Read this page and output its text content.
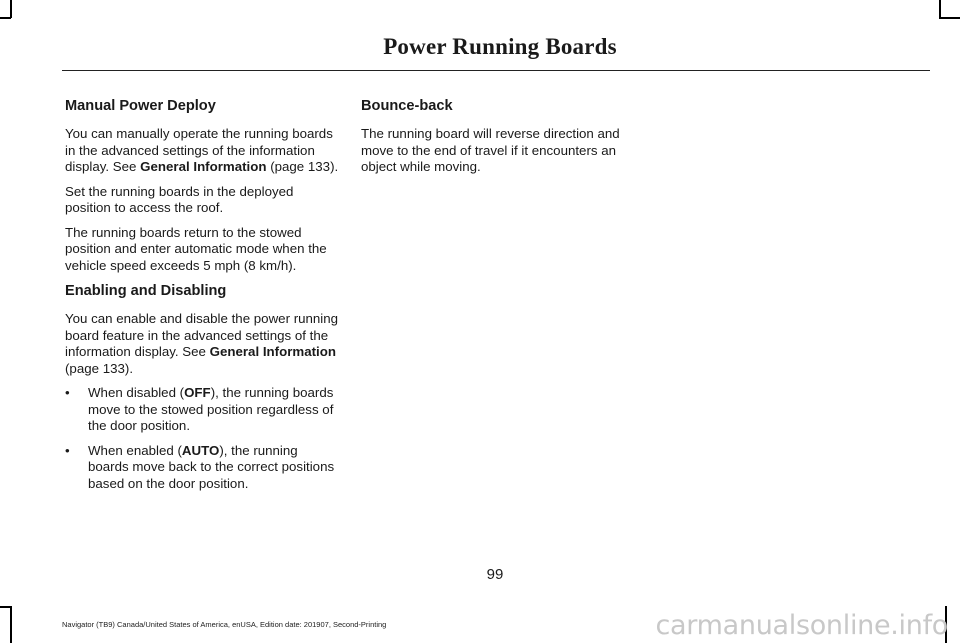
Power Running Boards
Manual Power Deploy

You can manually operate the running boards in the advanced settings of the information display. See General Information (page 133).

Set the running boards in the deployed position to access the roof.

The running boards return to the stowed position and enter automatic mode when the vehicle speed exceeds 5 mph (8 km/h).

Enabling and Disabling

You can enable and disable the power running board feature in the advanced settings of the information display. See General Information (page 133).

• When disabled (OFF), the running boards move to the stowed position regardless of the door position.
• When enabled (AUTO), the running boards move back to the correct positions based on the door position.
Bounce-back

The running board will reverse direction and move to the end of travel if it encounters an object while moving.

99
Navigator (TB9) Canada/United States of America, enUSA, Edition date: 201907, Second-Printing	carmanualsonline.info
